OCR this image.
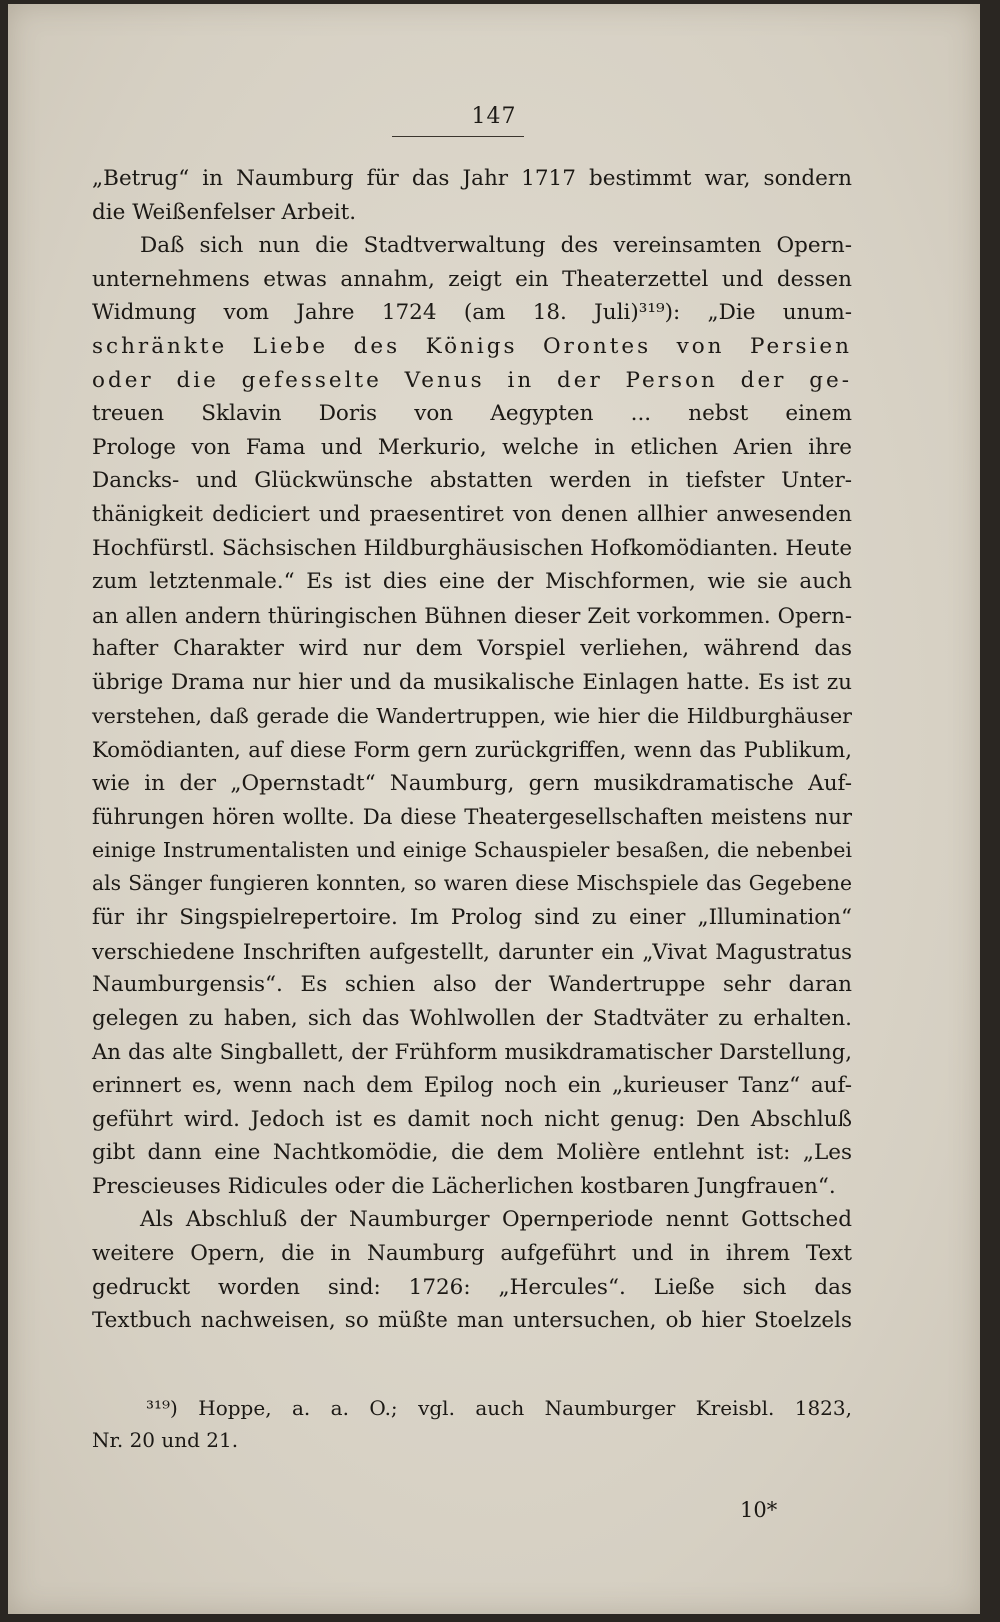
147
„Betrug“ in Naumburg für das Jahr 1717 bestimmt war, sondern
die Weißenfelser Arbeit.
Daß sich nun die Stadtverwaltung des vereinsamten Opern-
unternehmens etwas annahm, zeigt ein Theaterzettel und dessen
Widmung vom Jahre 1724 (am 18. Juli)³¹⁹): „Die unum-
schränkte Liebe des Königs Orontes von Persien
oder die gefesselte Venus in der Person der ge-
treuen Sklavin Doris von Aegypten ... nebst einem
Prologe von Fama und Merkurio, welche in etlichen Arien ihre
Dancks- und Glückwünsche abstatten werden in tiefster Unter-
thänigkeit dediciert und praesentiret von denen allhier anwesenden
Hochfürstl. Sächsischen Hildburghäusischen Hofkomödianten. Heute
zum letztenmale.“ Es ist dies eine der Mischformen, wie sie auch
an allen andern thüringischen Bühnen dieser Zeit vorkommen. Opern-
hafter Charakter wird nur dem Vorspiel verliehen, während das
übrige Drama nur hier und da musikalische Einlagen hatte. Es ist zu
verstehen, daß gerade die Wandertruppen, wie hier die Hildburghäuser
Komödianten, auf diese Form gern zurückgriffen, wenn das Publikum,
wie in der „Opernstadt“ Naumburg, gern musikdramatische Auf-
führungen hören wollte. Da diese Theatergesellschaften meistens nur
einige Instrumentalisten und einige Schauspieler besaßen, die nebenbei
als Sänger fungieren konnten, so waren diese Mischspiele das Gegebene
für ihr Singspielrepertoire. Im Prolog sind zu einer „Illumination“
verschiedene Inschriften aufgestellt, darunter ein „Vivat Magustratus
Naumburgensis“. Es schien also der Wandertruppe sehr daran
gelegen zu haben, sich das Wohlwollen der Stadtväter zu erhalten.
An das alte Singballett, der Frühform musikdramatischer Darstellung,
erinnert es, wenn nach dem Epilog noch ein „kurieuser Tanz“ auf-
geführt wird. Jedoch ist es damit noch nicht genug: Den Abschluß
gibt dann eine Nachtkomödie, die dem Molière entlehnt ist: „Les
Prescieuses Ridicules oder die Lächerlichen kostbaren Jungfrauen“.
Als Abschluß der Naumburger Opernperiode nennt Gottsched
weitere Opern, die in Naumburg aufgeführt und in ihrem Text
gedruckt worden sind: 1726: „Hercules“. Ließe sich das
Textbuch nachweisen, so müßte man untersuchen, ob hier Stoelzels
³¹⁹) Hoppe, a. a. O.; vgl. auch Naumburger Kreisbl. 1823,
Nr. 20 und 21.
10*
